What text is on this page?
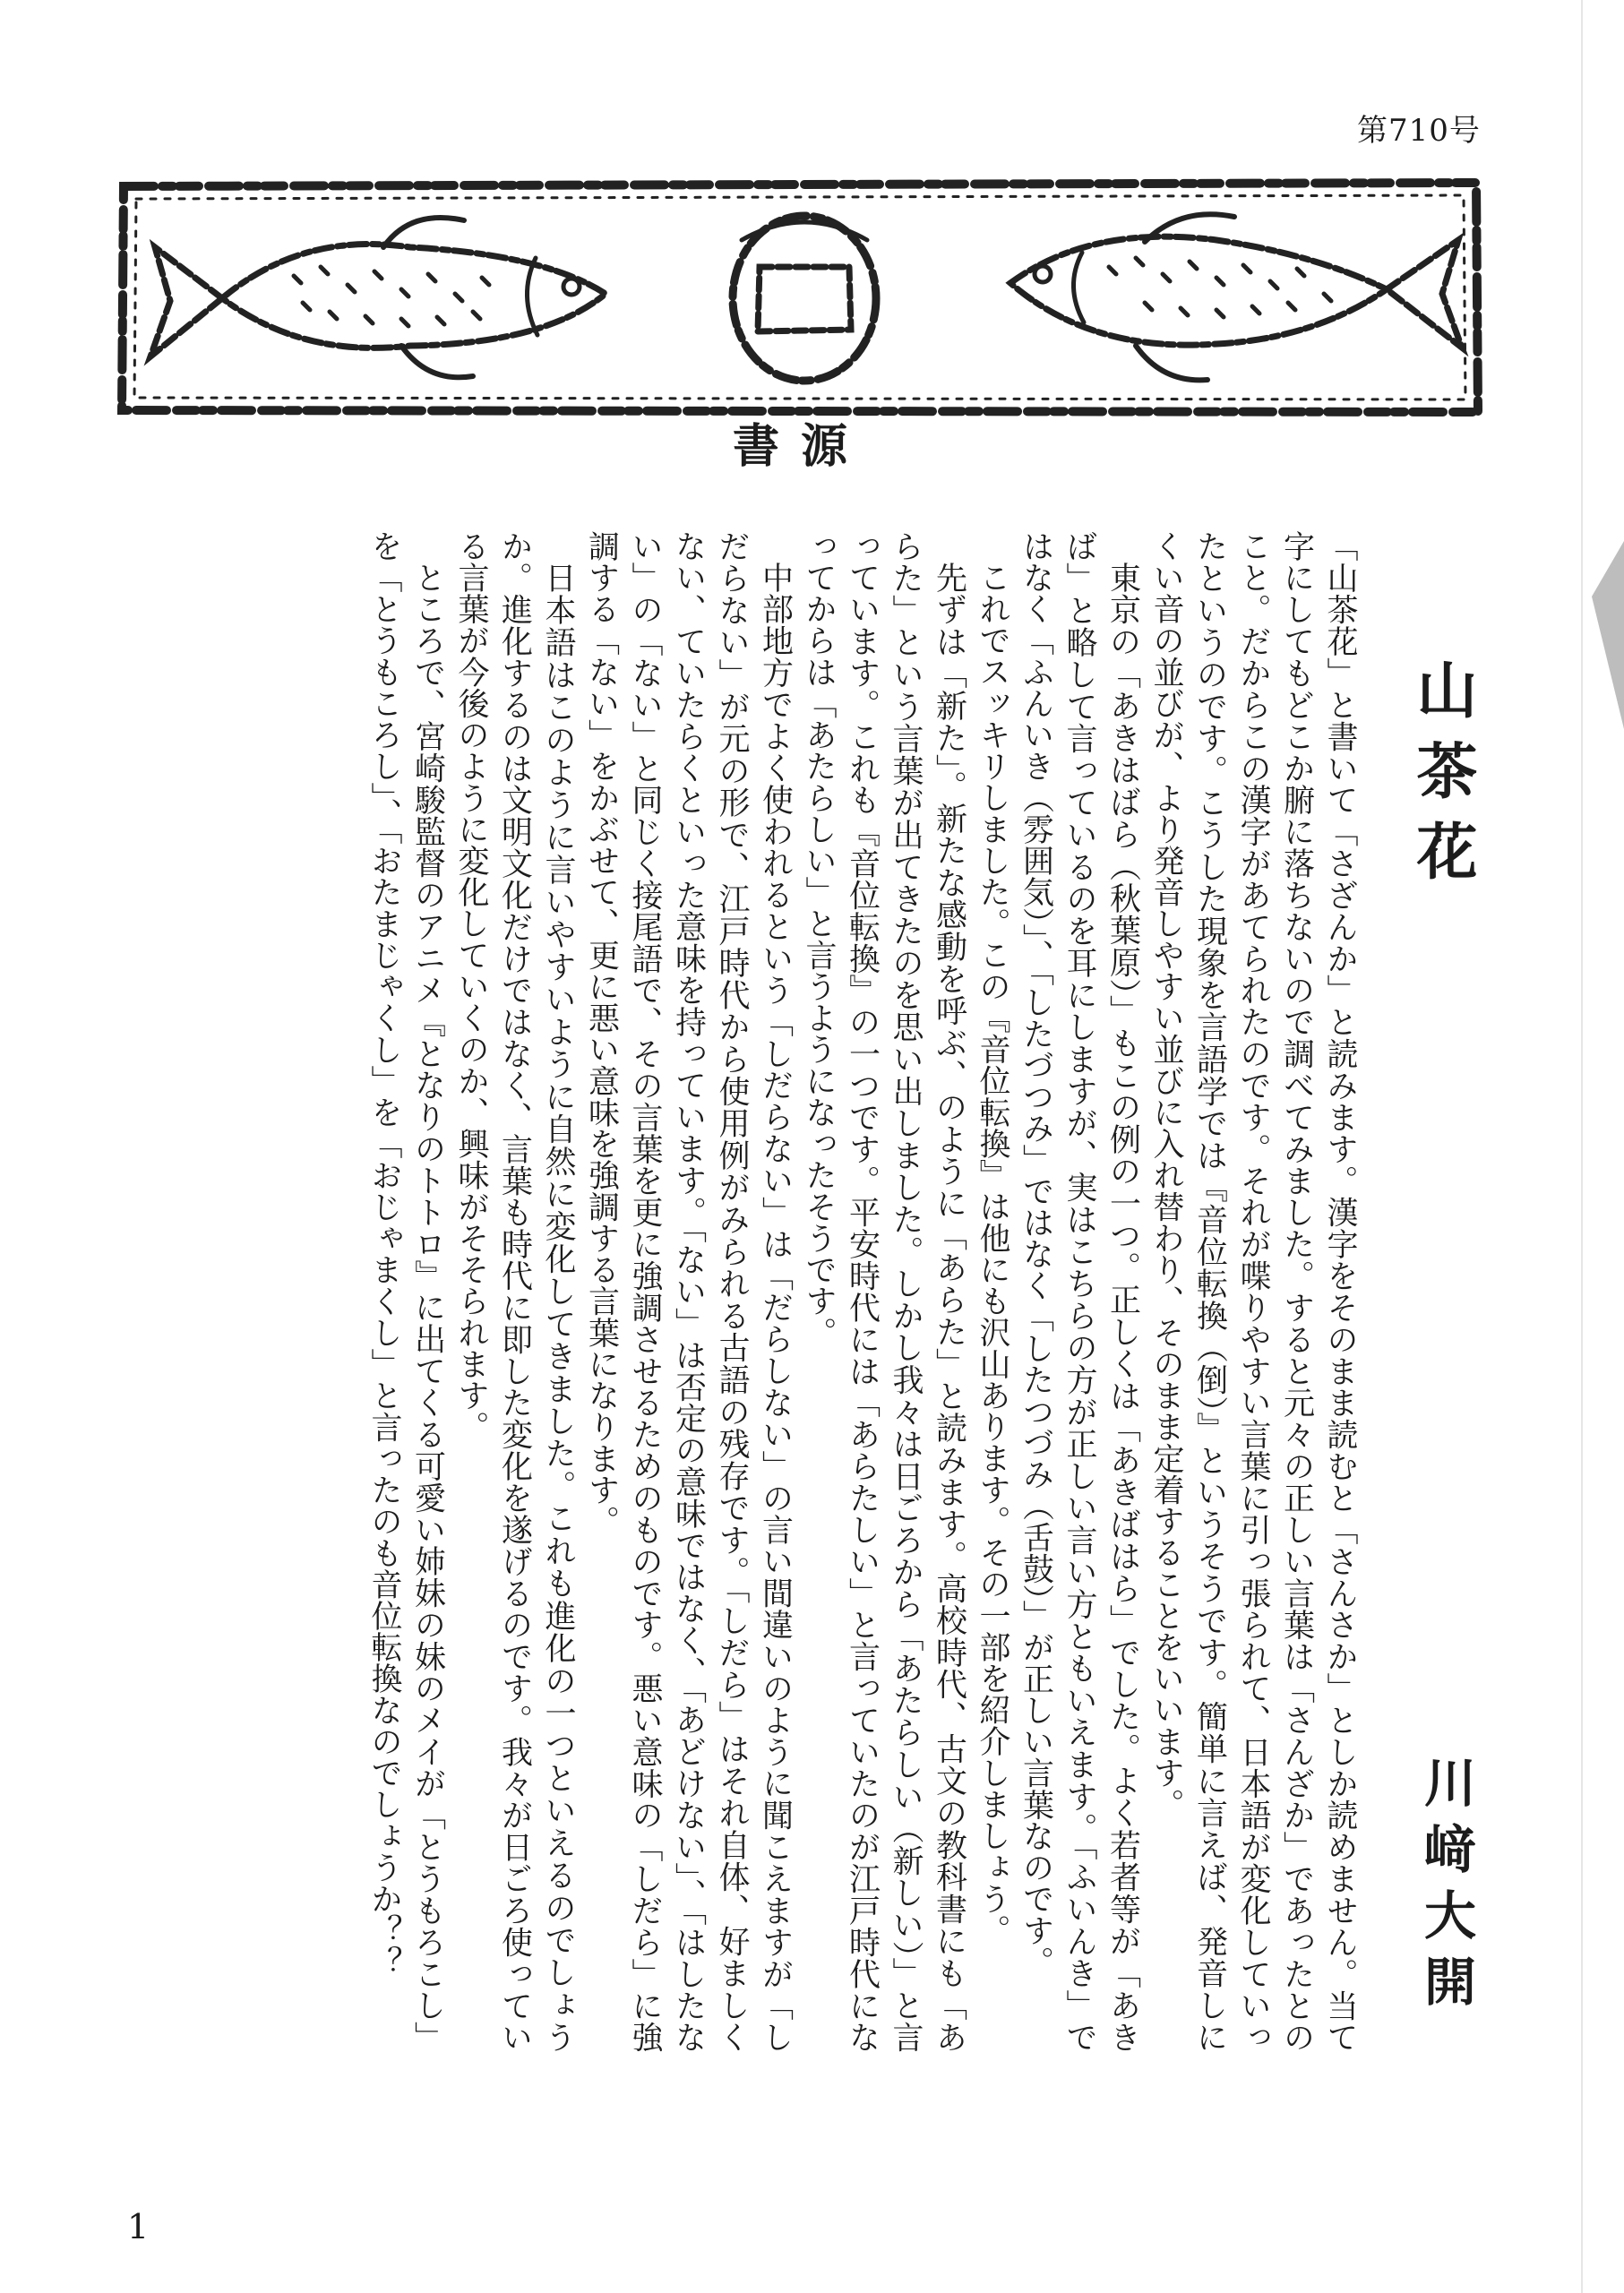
第710号
書源
山茶花
川﨑大開

「山茶花」と書いて「さざんか」と読みます。漢字をそのまま読むと「さんさか」としか読めません。当て字にしてもどこか腑に落ちないので調べてみました。すると元々の正しい言葉は「さんざか」であったとのこと。だからこの漢字があてられたのです。それが喋りやすい言葉に引っ張られて、日本語が変化していったというのです。こうした現象を言語学では『音位転換（倒）』というそうです。簡単に言えば、発音しにくい音の並びが、より発音しやすい並びに入れ替わり、そのまま定着することをいいます。

東京の「あきはばら（秋葉原）」もこの例の一つ。正しくは「あきばはら」でした。よく若者等が「あきば」と略して言っているのを耳にしますが、実はこちらの方が正しい言い方ともいえます。「ふいんき」ではなく「ふんいき（雰囲気）」、「したづつみ」ではなく「したつづみ（舌鼓）」が正しい言葉なのです。

これでスッキリしました。この『音位転換』は他にも沢山あります。その一部を紹介しましょう。

先ずは「新た」。新たな感動を呼ぶ、のように「あらた」と読みます。高校時代、古文の教科書にも「あらた」という言葉が出てきたのを思い出しました。しかし我々は日ごろから「あたらしい（新しい）」と言っています。これも『音位転換』の一つです。平安時代には「あらたしい」と言っていたのが江戸時代になってからは「あたらしい」と言うようになったそうです。

中部地方でよく使われるという「しだらない」は「だらしない」の言い間違いのように聞こえますが「しだらない」が元の形で、江戸時代から使用例がみられる古語の残存です。「しだら」はそれ自体、好ましくない、ていたらくといった意味を持っています。「ない」は否定の意味ではなく、「あどけない」、「はしたない」の「ない」と同じく接尾語で、その言葉を更に強調させるためのものです。悪い意味の「しだら」に強調する「ない」をかぶせて、更に悪い意味を強調する言葉になります。

日本語はこのように言いやすいように自然に変化してきました。これも進化の一つといえるのでしょうか。進化するのは文明文化だけではなく、言葉も時代に即した変化を遂げるのです。我々が日ごろ使っている言葉が今後のように変化していくのか、興味がそそられます。

ところで、宮崎駿監督のアニメ『となりのトトロ』に出てくる可愛い姉妹の妹のメイが「とうもろこし」を「とうもころし」、「おたまじゃくし」を「おじゃまくし」と言ったのも音位転換なのでしょうか？？

1
